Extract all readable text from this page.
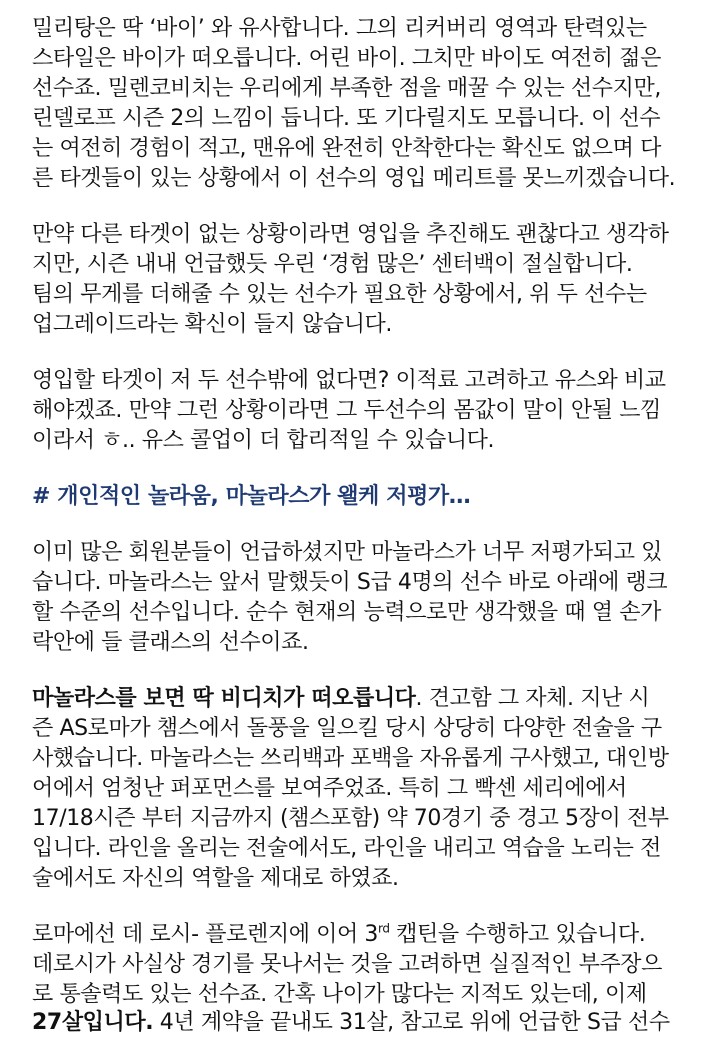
밀리탕은 딱 ‘바이’ 와 유사합니다. 그의 리커버리 영역과 탄력있는
스타일은 바이가 떠오릅니다. 어린 바이. 그치만 바이도 여전히 젊은
선수죠. 밀렌코비치는 우리에게 부족한 점을 매꿀 수 있는 선수지만,
린델로프 시즌 2의 느낌이 듭니다. 또 기다릴지도 모릅니다. 이 선수
는 여전히 경험이 적고, 맨유에 완전히 안착한다는 확신도 없으며 다
른 타겟들이 있는 상황에서 이 선수의 영입 메리트를 못느끼겠습니다.
만약 다른 타겟이 없는 상황이라면 영입을 추진해도 괜찮다고 생각하
지만, 시즌 내내 언급했듯 우린 ‘경험 많은’ 센터백이 절실합니다.
팀의 무게를 더해줄 수 있는 선수가 필요한 상황에서, 위 두 선수는
업그레이드라는 확신이 들지 않습니다.
영입할 타겟이 저 두 선수밖에 없다면? 이적료 고려하고 유스와 비교
해야겠죠. 만약 그런 상황이라면 그 두선수의 몸값이 말이 안될 느낌
이라서 ㅎ.. 유스 콜업이 더 합리적일 수 있습니다.
# 개인적인 놀라움, 마놀라스가 왤케 저평가…
이미 많은 회원분들이 언급하셨지만 마놀라스가 너무 저평가되고 있
습니다. 마놀라스는 앞서 말했듯이 S급 4명의 선수 바로 아래에 랭크
할 수준의 선수입니다. 순수 현재의 능력으로만 생각했을 때 열 손가
락안에 들 클래스의 선수이죠.
마놀라스를 보면 딱 비디치가 떠오릅니다. 견고함 그 자체. 지난 시
즌 AS로마가 챔스에서 돌풍을 일으킬 당시 상당히 다양한 전술을 구
사했습니다. 마놀라스는 쓰리백과 포백을 자유롭게 구사했고, 대인방
어에서 엄청난 퍼포먼스를 보여주었죠. 특히 그 빡센 세리에에서
17/18시즌 부터 지금까지 (챔스포함) 약 70경기 중 경고 5장이 전부
입니다. 라인을 올리는 전술에서도, 라인을 내리고 역습을 노리는 전
술에서도 자신의 역할을 제대로 하였죠.
로마에선 데 로시- 플로렌지에 이어 3rd 캡틴을 수행하고 있습니다.
데로시가 사실상 경기를 못나서는 것을 고려하면 실질적인 부주장으
로 통솔력도 있는 선수죠. 간혹 나이가 많다는 지적도 있는데, 이제
27살입니다. 4년 계약을 끝내도 31살, 참고로 위에 언급한 S급 선수
